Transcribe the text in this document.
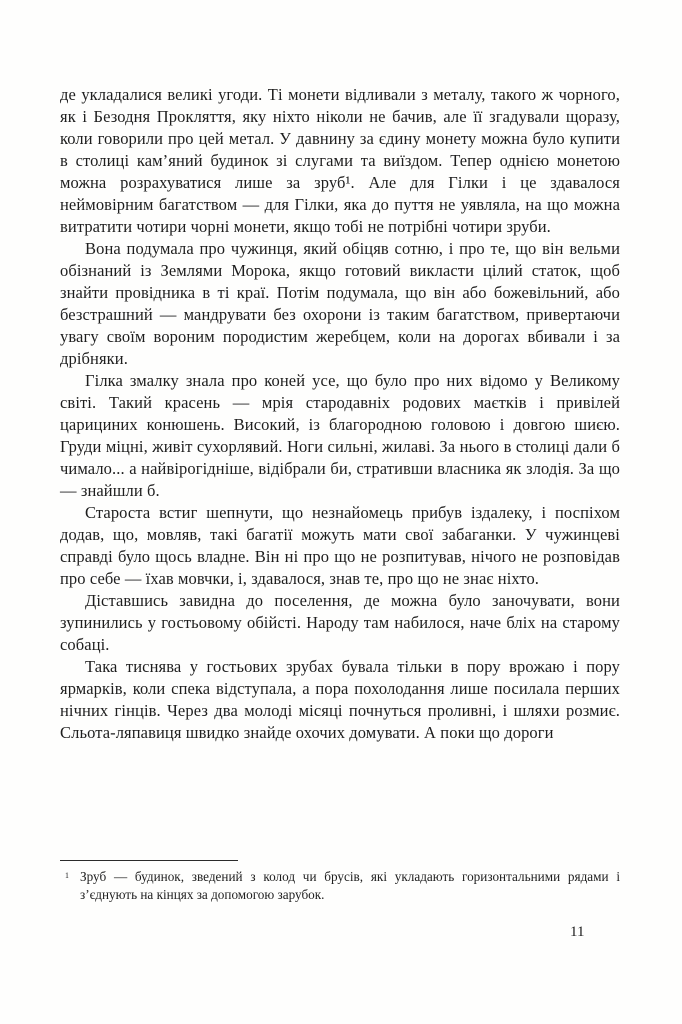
де укладалися великі угоди. Ті монети відливали з металу, такого ж чорного, як і Безодня Прокляття, яку ніхто ніколи не бачив, але її згадували щоразу, коли говорили про цей метал. У давнину за єдину монету можна було купити в столиці кам’яний будинок зі слугами та виїздом. Тепер однією монетою можна розрахуватися лише за зруб¹. Але для Гілки і це здавалося неймовірним багатством — для Гілки, яка до пуття не уявляла, на що можна витратити чотири чорні монети, якщо тобі не потрібні чотири зруби.

Вона подумала про чужинця, який обіцяв сотню, і про те, що він вельми обізнаний із Землями Морока, якщо готовий викласти цілий статок, щоб знайти провідника в ті краї. Потім подумала, що він або божевільний, або безстрашний — мандрувати без охорони із таким багатством, привертаючи увагу своїм вороним породистим жеребцем, коли на дорогах вбивали і за дрібняки.

Гілка змалку знала про коней усе, що було про них відомо у Великому світі. Такий красень — мрія стародавніх родових маєтків і привілей царициних конюшень. Високий, із благородною головою і довгою шиєю. Груди міцні, живіт сухорлявий. Ноги сильні, жилаві. За нього в столиці дали б чимало... а найвірогідніше, відібрали би, стративши власника як злодія. За що — знайшли б.

Староста встиг шепнути, що незнайомець прибув іздалеку, і поспіхом додав, що, мовляв, такі багатії можуть мати свої забаганки. У чужинцеві справді було щось владне. Він ні про що не розпитував, нічого не розповідав про себе — їхав мовчки, і, здавалося, знав те, про що не знає ніхто.

Діставшись завидна до поселення, де можна було заночувати, вони зупинились у гостьовому обійсті. Народу там набилося, наче бліх на старому собаці.

Така тиснява у гостьових зрубах бувала тільки в пору врожаю і пору ярмарків, коли спека відступала, а пора похолодання лише посилала перших нічних гінців. Через два молоді місяці почнуться проливні, і шляхи розмиє. Сльота-ляпавиця швидко знайде охочих домувати. А поки що дороги

$^1$ Зруб — будинок, зведений з колод чи брусів, які укладають горизонтальними рядами і з’єднують на кінцях за допомогою зарубок.

11
